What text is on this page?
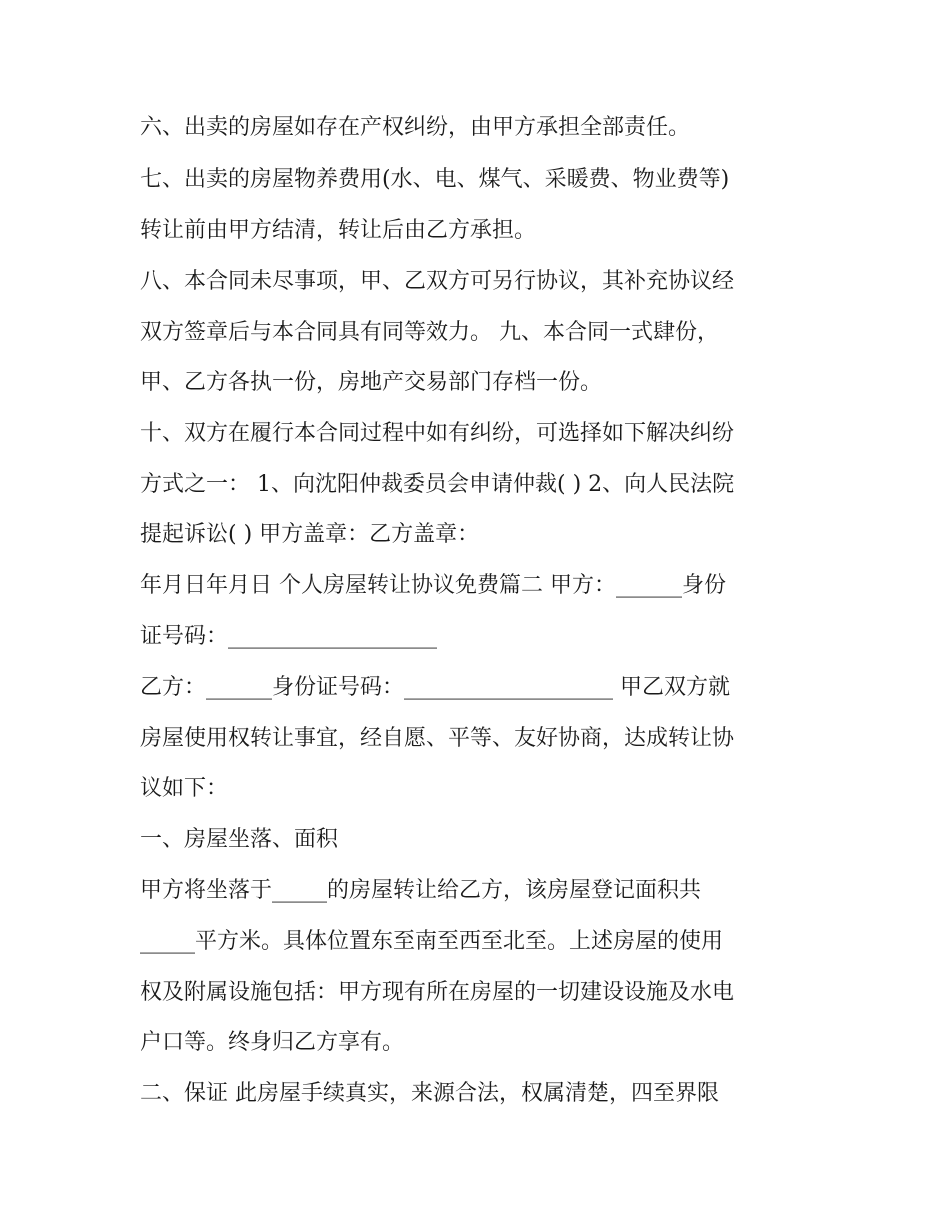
六、出卖的房屋如存在产权纠纷，由甲方承担全部责任。
七、出卖的房屋物养费用(水、电、煤气、采暖费、物业费等)
转让前由甲方结清，转让后由乙方承担。
八、本合同未尽事项，甲、乙双方可另行协议，其补充协议经
双方签章后与本合同具有同等效力。 九、本合同一式肆份，
甲、乙方各执一份，房地产交易部门存档一份。
十、双方在履行本合同过程中如有纠纷，可选择如下解决纠纷
方式之一： 1、向沈阳仲裁委员会申请仲裁( ) 2、向人民法院
提起诉讼( ) 甲方盖章：乙方盖章：
年月日年月日 个人房屋转让协议免费篇二 甲方：______身份
证号码：___________________
乙方：______身份证号码：___________________ 甲乙双方就
房屋使用权转让事宜，经自愿、平等、友好协商，达成转让协
议如下：
一、房屋坐落、面积
甲方将坐落于_____的房屋转让给乙方，该房屋登记面积共
_____平方米。具体位置东至南至西至北至。上述房屋的使用
权及附属设施包括：甲方现有所在房屋的一切建设设施及水电
户口等。终身归乙方享有。
二、保证 此房屋手续真实，来源合法，权属清楚，四至界限
